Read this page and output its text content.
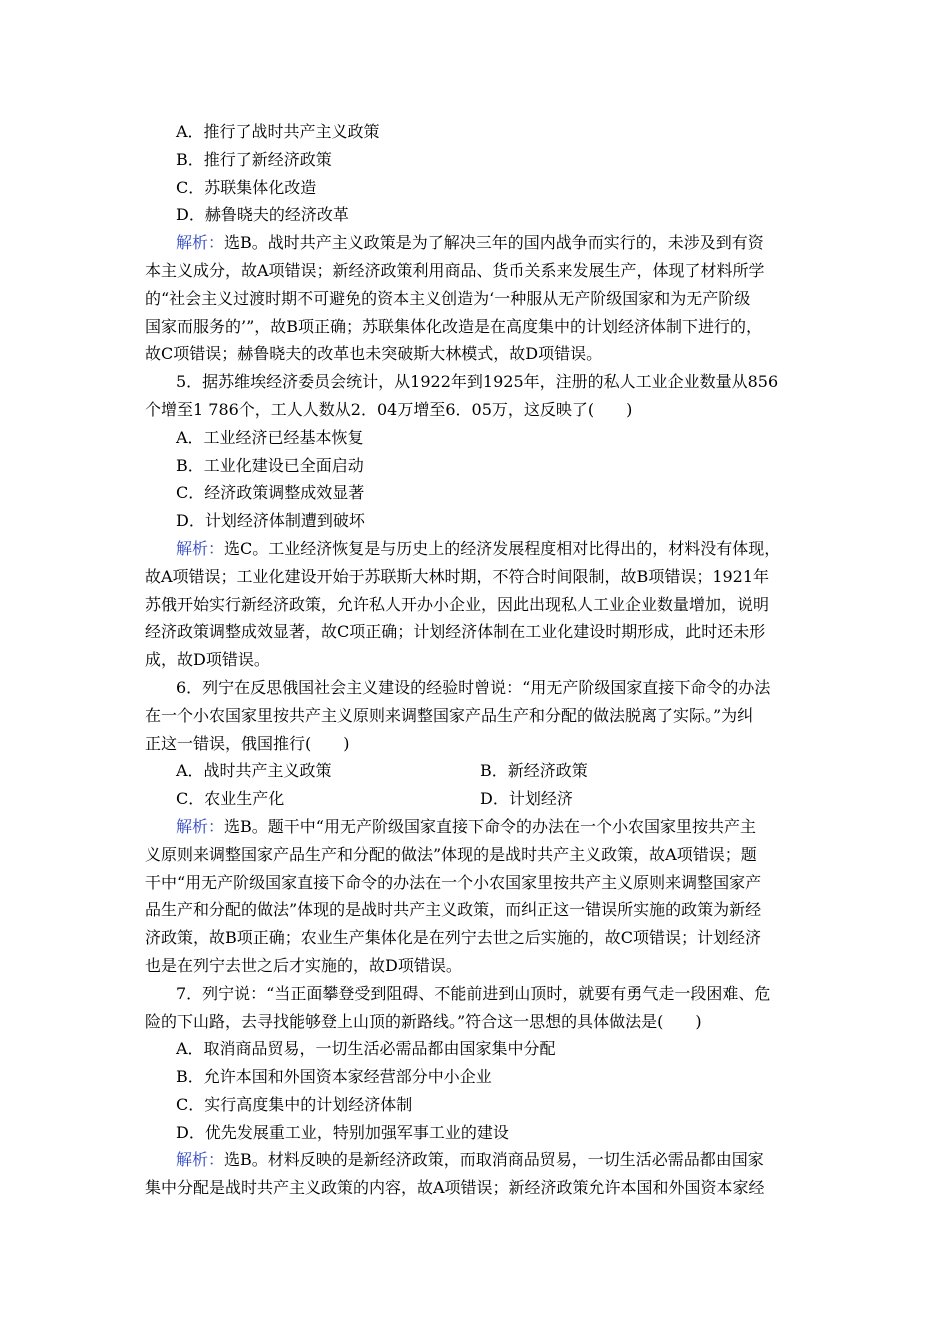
A．推行了战时共产主义政策
B．推行了新经济政策
C．苏联集体化改造
D．赫鲁晓夫的经济改革
解析：选B。战时共产主义政策是为了解决三年的国内战争而实行的，未涉及到有资
本主义成分，故A项错误；新经济政策利用商品、货币关系来发展生产，体现了材料所学
的“社会主义过渡时期不可避免的资本主义创造为‘一种服从无产阶级国家和为无产阶级
国家而服务的’”，故B项正确；苏联集体化改造是在高度集中的计划经济体制下进行的，
故C项错误；赫鲁晓夫的改革也未突破斯大林模式，故D项错误。
5．据苏维埃经济委员会统计，从1922年到1925年，注册的私人工业企业数量从856
个增至1 786个，工人人数从2．04万增至6．05万，这反映了(　　)
A．工业经济已经基本恢复
B．工业化建设已全面启动
C．经济政策调整成效显著
D．计划经济体制遭到破坏
解析：选C。工业经济恢复是与历史上的经济发展程度相对比得出的，材料没有体现，
故A项错误；工业化建设开始于苏联斯大林时期，不符合时间限制，故B项错误；1921年
苏俄开始实行新经济政策，允许私人开办小企业，因此出现私人工业企业数量增加，说明
经济政策调整成效显著，故C项正确；计划经济体制在工业化建设时期形成，此时还未形
成，故D项错误。
6．列宁在反思俄国社会主义建设的经验时曾说：“用无产阶级国家直接下命令的办法
在一个小农国家里按共产主义原则来调整国家产品生产和分配的做法脱离了实际。”为纠
正这一错误，俄国推行(　　)
A．战时共产主义政策	B．新经济政策
C．农业生产化	D．计划经济
解析：选B。题干中“用无产阶级国家直接下命令的办法在一个小农国家里按共产主
义原则来调整国家产品生产和分配的做法”体现的是战时共产主义政策，故A项错误；题
干中“用无产阶级国家直接下命令的办法在一个小农国家里按共产主义原则来调整国家产
品生产和分配的做法”体现的是战时共产主义政策，而纠正这一错误所实施的政策为新经
济政策，故B项正确；农业生产集体化是在列宁去世之后实施的，故C项错误；计划经济
也是在列宁去世之后才实施的，故D项错误。
7．列宁说：“当正面攀登受到阻碍、不能前进到山顶时，就要有勇气走一段困难、危
险的下山路，去寻找能够登上山顶的新路线。”符合这一思想的具体做法是(　　)
A．取消商品贸易，一切生活必需品都由国家集中分配
B．允许本国和外国资本家经营部分中小企业
C．实行高度集中的计划经济体制
D．优先发展重工业，特别加强军事工业的建设
解析：选B。材料反映的是新经济政策，而取消商品贸易，一切生活必需品都由国家
集中分配是战时共产主义政策的内容，故A项错误；新经济政策允许本国和外国资本家经
